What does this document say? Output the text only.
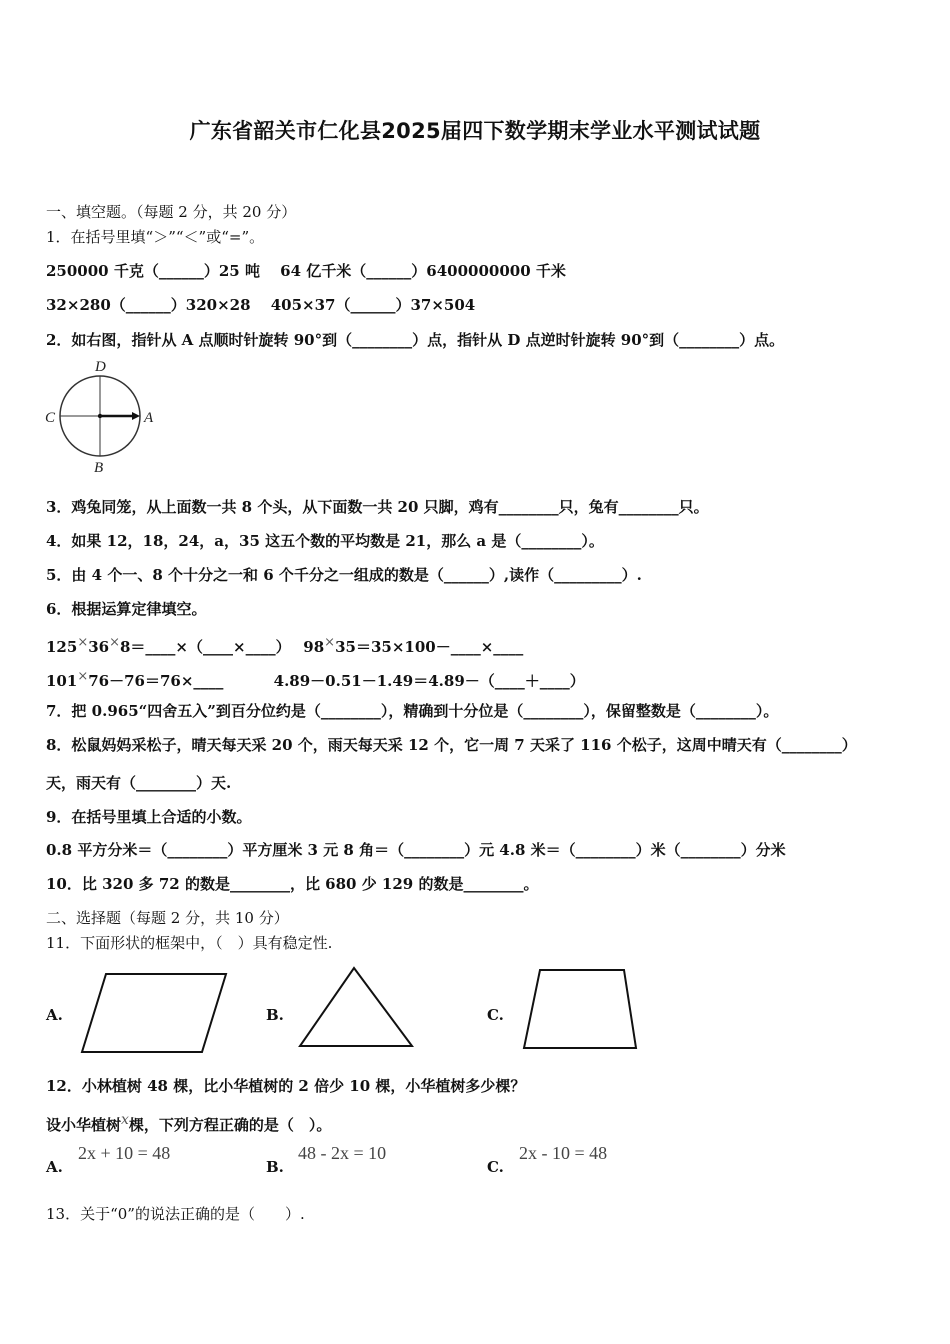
广东省韶关市仁化县2025届四下数学期末学业水平测试试题
一、填空题。（每题 2 分，共 20 分）
1．在括号里填“＞”“＜”或“=”。
250000 千克（______）25 吨　 64 亿千米（______）6400000000 千米
32×280（______）320×28　 405×37（______）37×504
2．如右图，指针从 A 点顺时针旋转 90°到（________）点，指针从 D 点逆时针旋转 90°到（________）点。
D
B
C	A
3．鸡兔同笼，从上面数一共 8 个头，从下面数一共 20 只脚，鸡有________只，兔有________只。
4．如果 12，18，24，a，35 这五个数的平均数是 21，那么 a 是（________）。
5．由 4 个一、8 个十分之一和 6 个千分之一组成的数是（______）,读作（_________）.
6．根据运算定律填空。
125×36×8＝____×（____×____）　 98×35＝35×100－____×____
101×76－76＝76×____　　　 4.89－0.51－1.49＝4.89－（____＋____）
7．把 0.965“四舍五入”到百分位约是（________），精确到十分位是（________），保留整数是（________）。
8．松鼠妈妈采松子，晴天每天采 20 个，雨天每天采 12 个，它一周 7 天采了 116 个松子，这周中晴天有（________）
天，雨天有（________）天.
9．在括号里填上合适的小数。
0.8 平方分米＝（________）平方厘米 3 元 8 角＝（________）元 4.8 米＝（________）米（________）分米
10．比 320 多 72 的数是________，比 680 少 129 的数是________。
二、选择题（每题 2 分，共 10 分）
11．下面形状的框架中，（　）具有稳定性.
A.	B.	C.
12．小林植树 48 棵，比小华植树的 2 倍少 10 棵，小华植树多少棵？
设小华植树$^x$棵，下列方程正确的是（　）。
A.
2x + 10 = 48
B.
48 - 2x = 10
C.
2x - 10 = 48
13．关于“0”的说法正确的是（　　）.
